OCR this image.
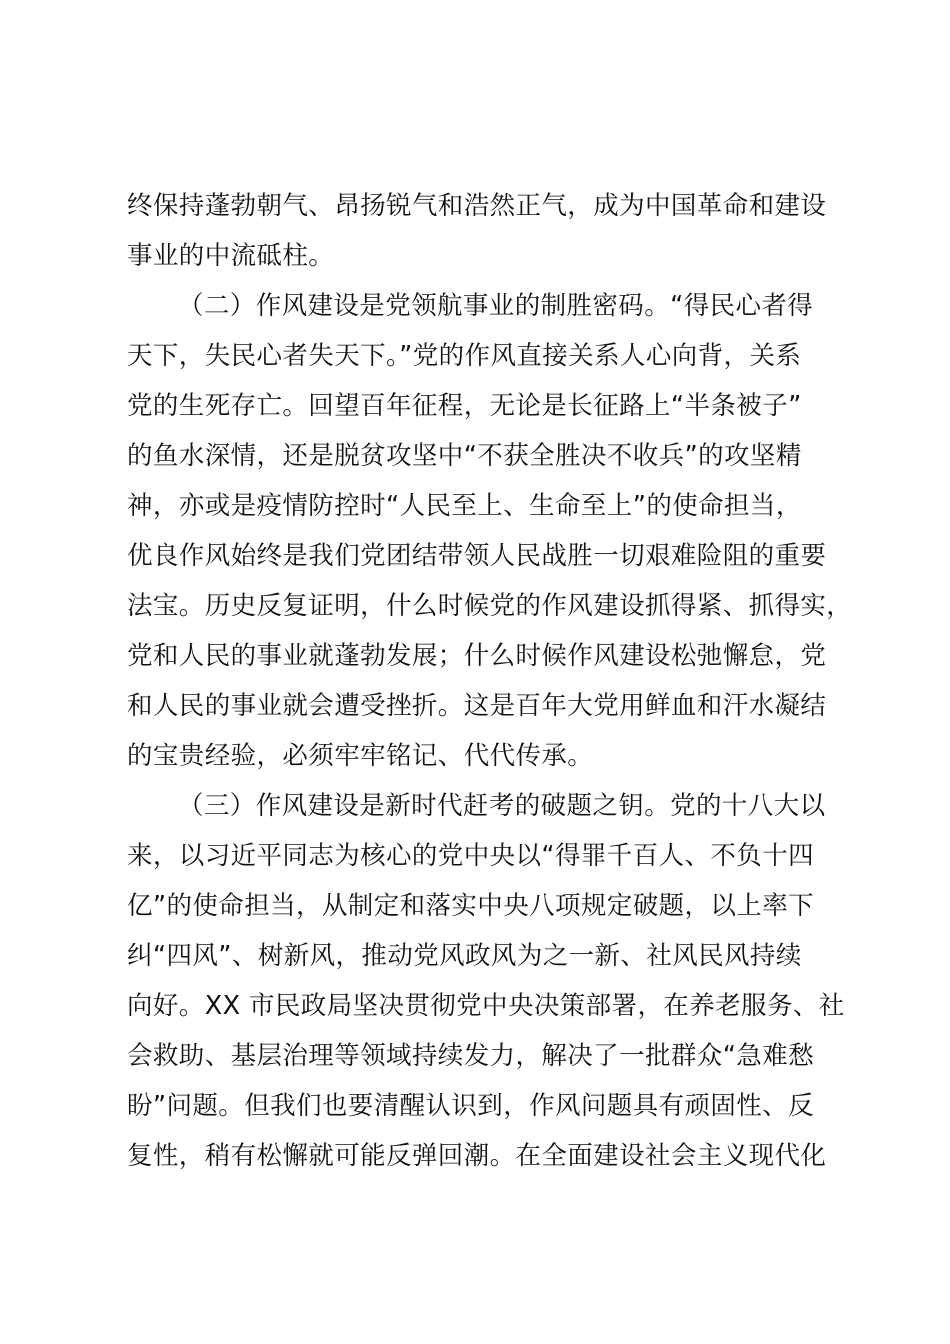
终保持蓬勃朝气、昂扬锐气和浩然正气，成为中国革命和建设
事业的中流砥柱。
（二）作风建设是党领航事业的制胜密码。“得民心者得
天下，失民心者失天下。”党的作风直接关系人心向背，关系
党的生死存亡。回望百年征程，无论是长征路上“半条被子”
的鱼水深情，还是脱贫攻坚中“不获全胜决不收兵”的攻坚精
神，亦或是疫情防控时“人民至上、生命至上”的使命担当，
优良作风始终是我们党团结带领人民战胜一切艰难险阻的重要
法宝。历史反复证明，什么时候党的作风建设抓得紧、抓得实，
党和人民的事业就蓬勃发展；什么时候作风建设松弛懈怠，党
和人民的事业就会遭受挫折。这是百年大党用鲜血和汗水凝结
的宝贵经验，必须牢牢铭记、代代传承。
（三）作风建设是新时代赶考的破题之钥。党的十八大以
来，以习近平同志为核心的党中央以“得罪千百人、不负十四
亿”的使命担当，从制定和落实中央八项规定破题，以上率下
纠“四风”、树新风，推动党风政风为之一新、社风民风持续
向好。XX 市民政局坚决贯彻党中央决策部署，在养老服务、社
会救助、基层治理等领域持续发力，解决了一批群众“急难愁
盼”问题。但我们也要清醒认识到，作风问题具有顽固性、反
复性，稍有松懈就可能反弹回潮。在全面建设社会主义现代化
